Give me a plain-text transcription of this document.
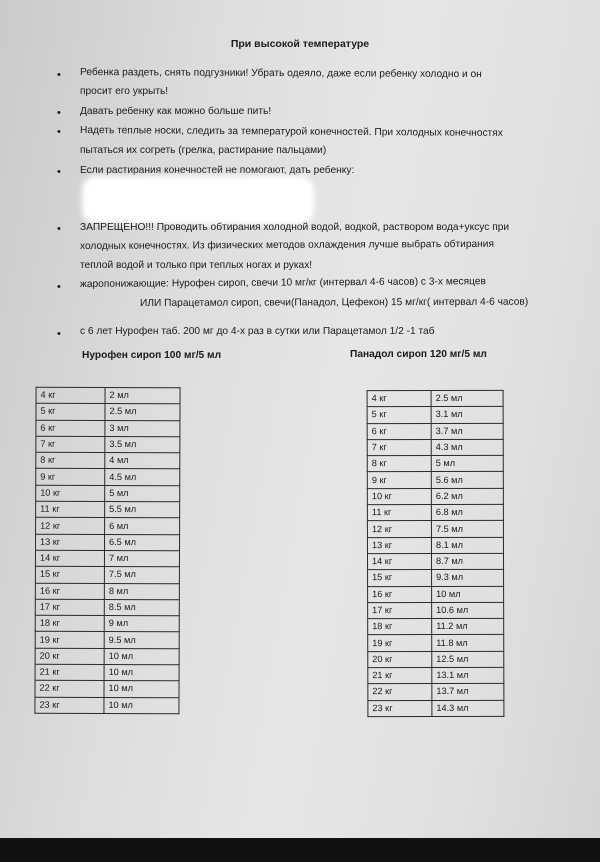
При высокой температуре
•
•
•
•
•
•
•
Ребенка раздеть, снять подгузники! Убрать одеяло, даже если ребенку холодно и он
просит его укрыть!
Давать ребенку как можно больше пить!
Надеть теплые носки, следить за температурой конечностей. При холодных конечностях
пытаться их согреть (грелка, растирание пальцами)
Если растирания конечностей не помогают, дать ребенку:
ЗАПРЕЩЕНО!!! Проводить обтирания холодной водой, водкой, раствором вода+уксус при
холодных конечностях. Из физических методов охлаждения лучше выбрать обтирания
теплой водой и только при теплых ногах и руках!
жаропонижающие: Нурофен сироп, свечи 10 мг/кг (интервал 4-6 часов) с 3-х месяцев
ИЛИ Парацетамол сироп, свечи(Панадол, Цефекон) 15 мг/кг( интервал 4-6 часов)
с 6 лет Нурофен таб. 200 мг до 4-х раз в сутки или Парацетамол 1/2 -1 таб
Нурофен сироп 100 мг/5 мл	Панадол сироп 120 мг/5 мл
4 кг	2 мл
5 кг	2.5 мл
6 кг	3 мл
7 кг	3.5 мл
8 кг	4 мл
9 кг	4.5 мл
10 кг	5 мл
11 кг	5.5 мл
12 кг	6 мл
13 кг	6.5 мл
14 кг	7 мл
15 кг	7.5 мл
16 кг	8 мл
17 кг	8.5 мл
18 кг	9 мл
19 кг	9.5 мл
20 кг	10 мл
21 кг	10 мл
22 кг	10 мл
23 кг	10 мл
4 кг	2.5 мл
5 кг	3.1 мл
6 кг	3.7 мл
7 кг	4.3 мл
8 кг	5 мл
9 кг	5.6 мл
10 кг	6.2 мл
11 кг	6.8 мл
12 кг	7.5 мл
13 кг	8.1 мл
14 кг	8.7 мл
15 кг	9.3 мл
16 кг	10 мл
17 кг	10.6 мл
18 кг	11.2 мл
19 кг	11.8 мл
20 кг	12.5 мл
21 кг	13.1 мл
22 кг	13.7 мл
23 кг	14.3 мл
